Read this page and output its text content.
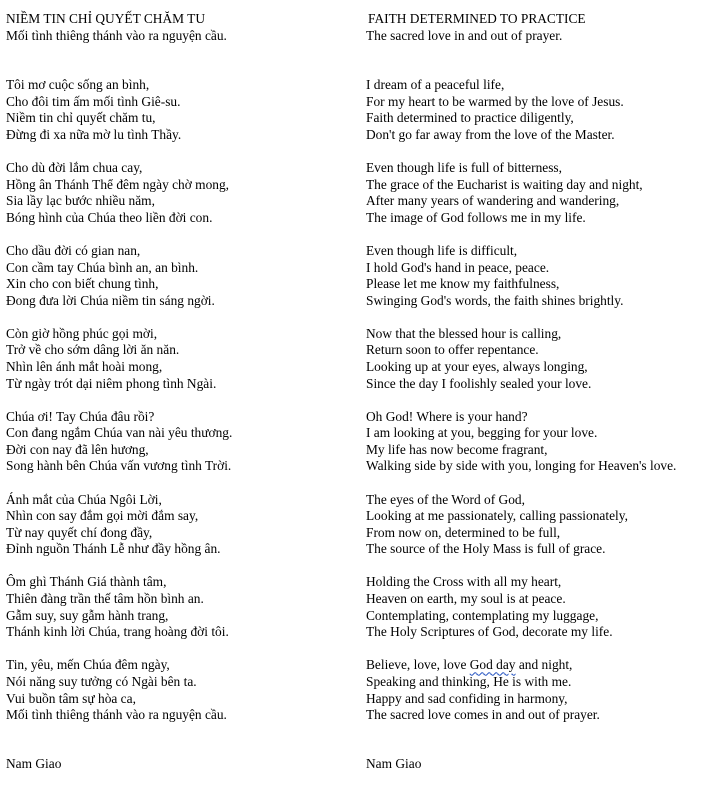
NIỀM TIN CHỈ QUYẾT CHĂM TU
Mối tình thiêng thánh vào ra nguyện cầu.
Tôi mơ cuộc sống an bình,
Cho đôi tim ấm mối tình Giê-su.
Niềm tin chỉ quyết chăm tu,
Đừng đi xa nữa mờ lu tình Thầy.
Cho dù đời lắm chua cay,
Hồng ân Thánh Thể đêm ngày chờ mong,
Sia lầy lạc bước nhiều năm,
Bóng hình của Chúa theo liền đời con.
Cho dầu đời có gian nan,
Con cầm tay Chúa bình an, an bình.
Xin cho con biết chung tình,
Đong đưa lời Chúa niềm tin sáng ngời.
Còn giờ hồng phúc gọi mời,
Trở về cho sớm dâng lời ăn năn.
Nhìn lên ánh mắt hoài mong,
Từ ngày trót dại niêm phong tình Ngài.
Chúa ơi! Tay Chúa đâu rồi?
Con đang ngắm Chúa van nài yêu thương.
Đời con nay đã lên hương,
Song hành bên Chúa vấn vương tình Trời.
Ánh mắt của Chúa Ngôi Lời,
Nhìn con say đắm gọi mời đắm say,
Từ nay quyết chí đong đầy,
Đỉnh nguồn Thánh Lễ như đầy hồng ân.
Ôm ghì Thánh Giá thành tâm,
Thiên đàng trần thế tâm hồn bình an.
Gẫm suy, suy gẫm hành trang,
Thánh kinh lời Chúa, trang hoàng đời tôi.
Tin, yêu, mến Chúa đêm ngày,
Nói năng suy tưởng có Ngài bên ta.
Vui buồn tâm sự hòa ca,
Mối tình thiêng thánh vào ra nguyện cầu.
FAITH DETERMINED TO PRACTICE
The sacred love in and out of prayer.
I dream of a peaceful life,
For my heart to be warmed by the love of Jesus.
Faith determined to practice diligently,
Don't go far away from the love of the Master.
Even though life is full of bitterness,
The grace of the Eucharist is waiting day and night,
After many years of wandering and wandering,
The image of God follows me in my life.
Even though life is difficult,
I hold God's hand in peace, peace.
Please let me know my faithfulness,
Swinging God's words, the faith shines brightly.
Now that the blessed hour is calling,
Return soon to offer repentance.
Looking up at your eyes, always longing,
Since the day I foolishly sealed your love.
Oh God! Where is your hand?
I am looking at you, begging for your love.
My life has now become fragrant,
Walking side by side with you, longing for Heaven's love.
The eyes of the Word of God,
Looking at me passionately, calling passionately,
From now on, determined to be full,
The source of the Holy Mass is full of grace.
Holding the Cross with all my heart,
Heaven on earth, my soul is at peace.
Contemplating, contemplating my luggage,
The Holy Scriptures of God, decorate my life.
Believe, love, love God day and night,
Speaking and thinking, He is with me.
Happy and sad confiding in harmony,
The sacred love comes in and out of prayer.
Nam Giao	Nam Giao
